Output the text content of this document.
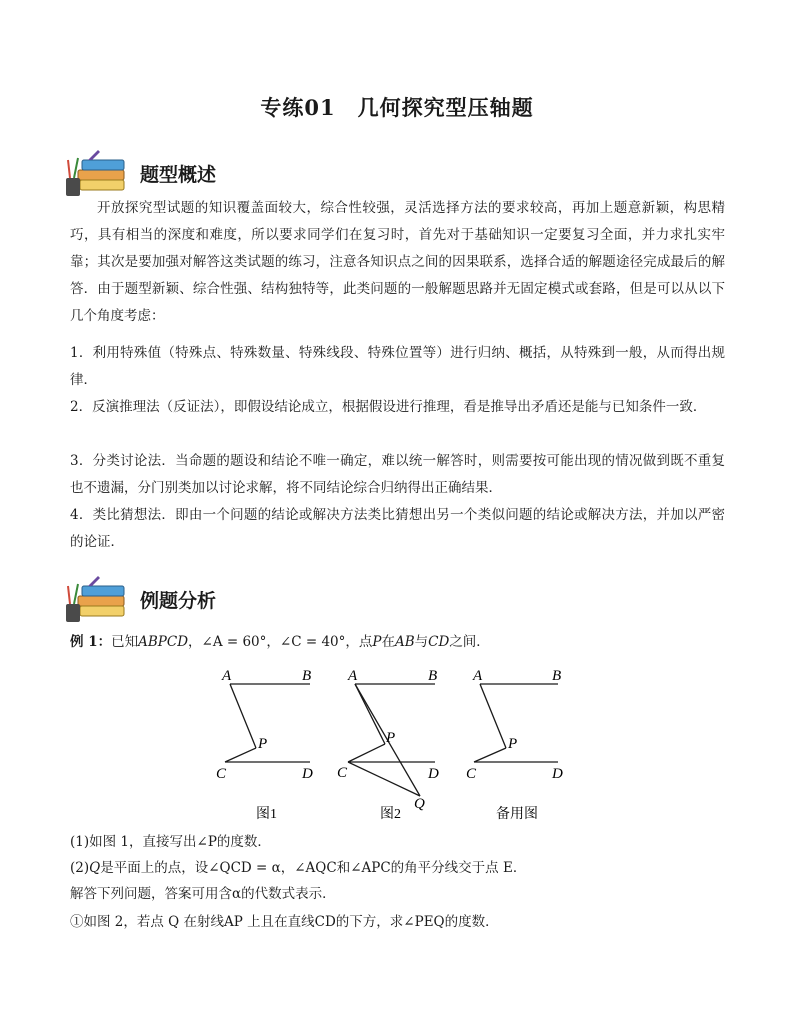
专练01　几何探究型压轴题
题型概述

开放探究型试题的知识覆盖面较大，综合性较强，灵活选择方法的要求较高，再加上题意新颖，构思精巧，具有相当的深度和难度，所以要求同学们在复习时，首先对于基础知识一定要复习全面，并力求扎实牢靠；其次是要加强对解答这类试题的练习，注意各知识点之间的因果联系，选择合适的解题途径完成最后的解答．由于题型新颖、综合性强、结构独特等，此类问题的一般解题思路并无固定模式或套路，但是可以从以下几个角度考虑：

1．利用特殊值（特殊点、特殊数量、特殊线段、特殊位置等）进行归纳、概括，从特殊到一般，从而得出规律．

2．反演推理法（反证法），即假设结论成立，根据假设进行推理，看是推导出矛盾还是能与已知条件一致．

3．分类讨论法．当命题的题设和结论不唯一确定，难以统一解答时，则需要按可能出现的情况做到既不重复也不遗漏，分门别类加以讨论求解，将不同结论综合归纳得出正确结果．

4．类比猜想法．即由一个问题的结论或解决方法类比猜想出另一个类似问题的结论或解决方法，并加以严密的论证．

例题分析
例 1：已知ABPCD，∠A = 60°，∠C = 40°，点P在AB与CD之间．
A	B
P
C	D
A	B
P
C	D
Q
A	B
P
C	D
图1	图2	备用图
(1)如图 1，直接写出∠P的度数．
(2)Q是平面上的点，设∠QCD = α，∠AQC和∠APC的角平分线交于点 E．
解答下列问题，答案可用含α的代数式表示．
①如图 2，若点 Q 在射线AP 上且在直线CD的下方，求∠PEQ的度数．
